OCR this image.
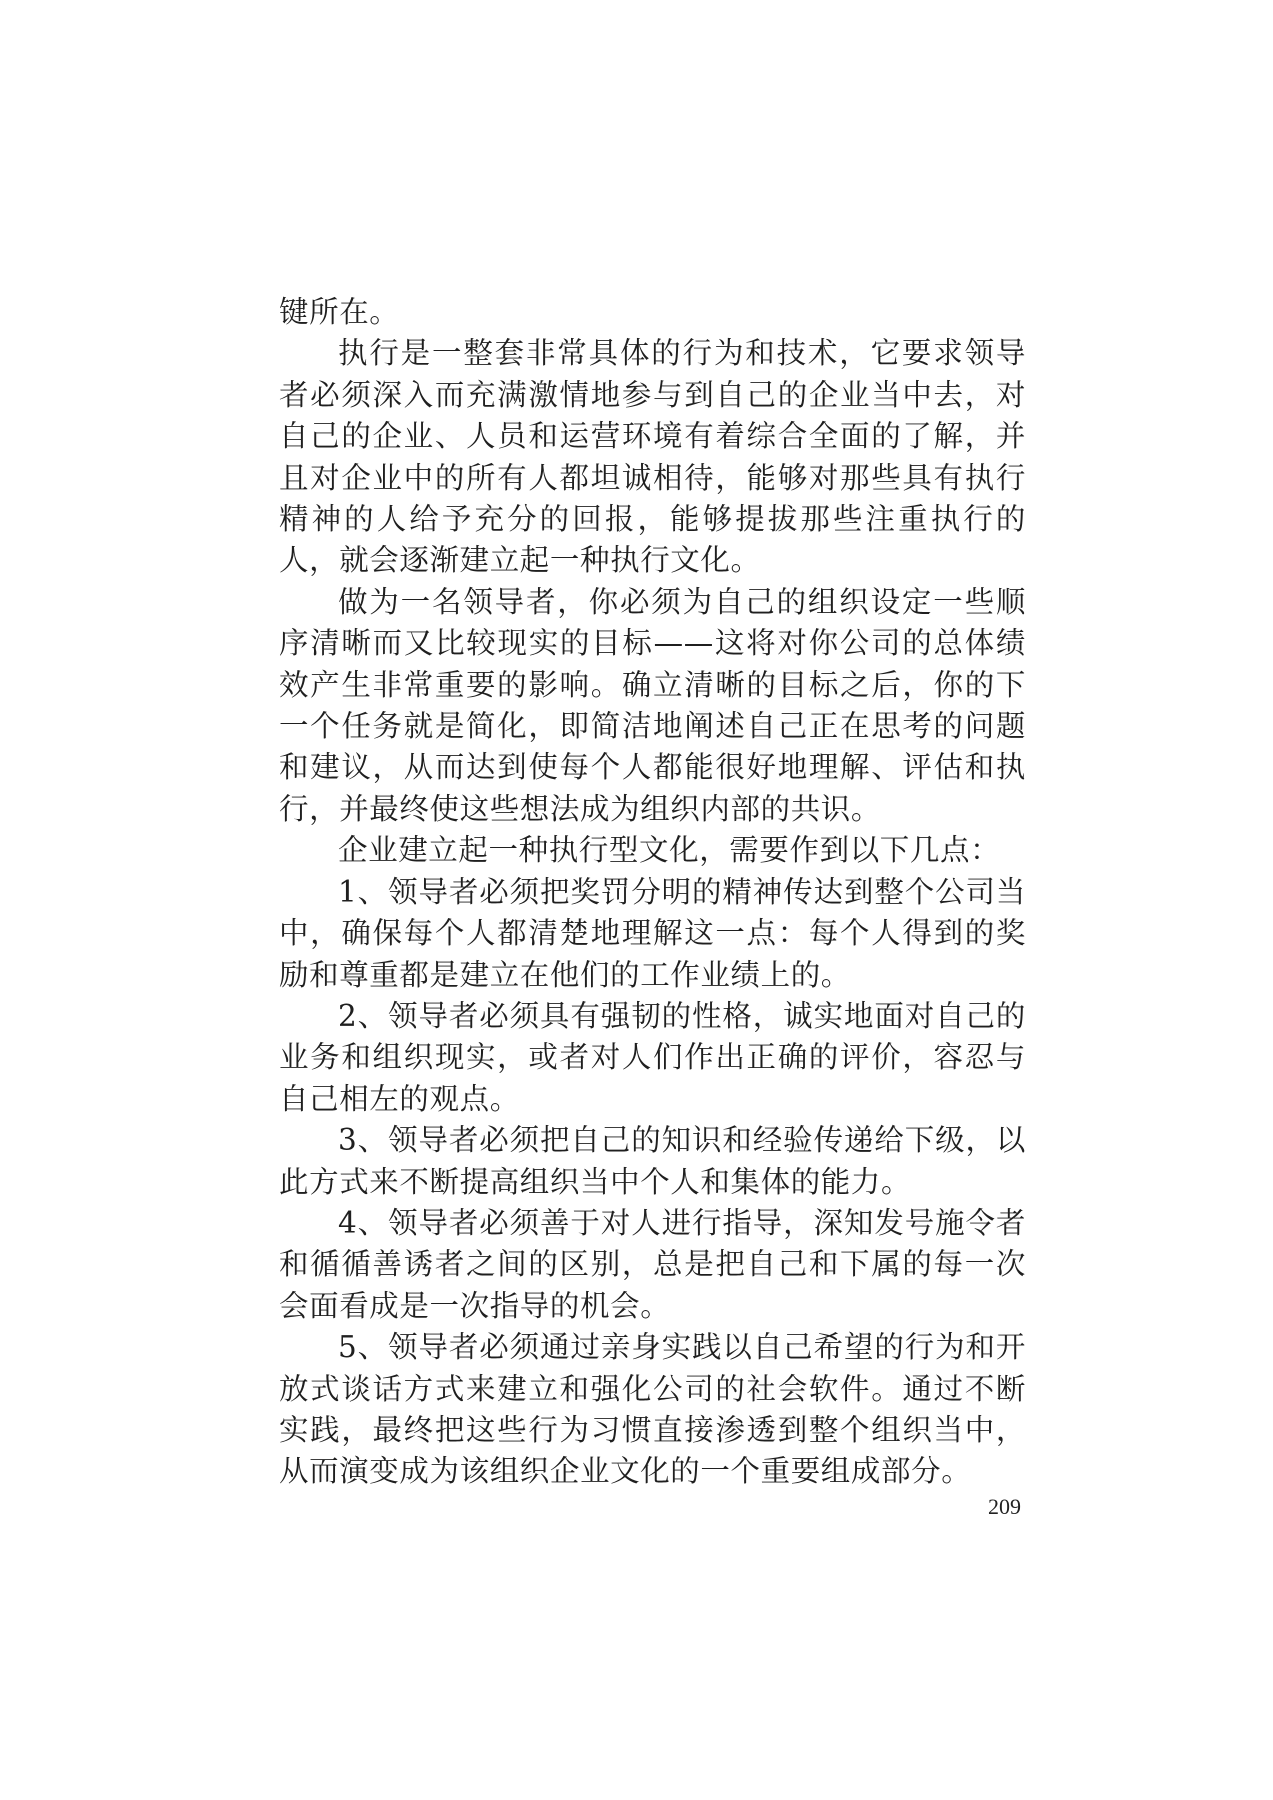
键所在。

执行是一整套非常具体的行为和技术，它要求领导者必须深入而充满激情地参与到自己的企业当中去，对自己的企业、人员和运营环境有着综合全面的了解，并且对企业中的所有人都坦诚相待，能够对那些具有执行精神的人给予充分的回报，能够提拔那些注重执行的人，就会逐渐建立起一种执行文化。

做为一名领导者，你必须为自己的组织设定一些顺序清晰而又比较现实的目标——这将对你公司的总体绩效产生非常重要的影响。确立清晰的目标之后，你的下一个任务就是简化，即简洁地阐述自己正在思考的问题和建议，从而达到使每个人都能很好地理解、评估和执行，并最终使这些想法成为组织内部的共识。

企业建立起一种执行型文化，需要作到以下几点：

1、领导者必须把奖罚分明的精神传达到整个公司当中，确保每个人都清楚地理解这一点：每个人得到的奖励和尊重都是建立在他们的工作业绩上的。

2、领导者必须具有强韧的性格，诚实地面对自己的业务和组织现实，或者对人们作出正确的评价，容忍与自己相左的观点。

3、领导者必须把自己的知识和经验传递给下级，以此方式来不断提高组织当中个人和集体的能力。

4、领导者必须善于对人进行指导，深知发号施令者和循循善诱者之间的区别，总是把自己和下属的每一次会面看成是一次指导的机会。

5、领导者必须通过亲身实践以自己希望的行为和开放式谈话方式来建立和强化公司的社会软件。通过不断实践，最终把这些行为习惯直接渗透到整个组织当中，从而演变成为该组织企业文化的一个重要组成部分。

209
